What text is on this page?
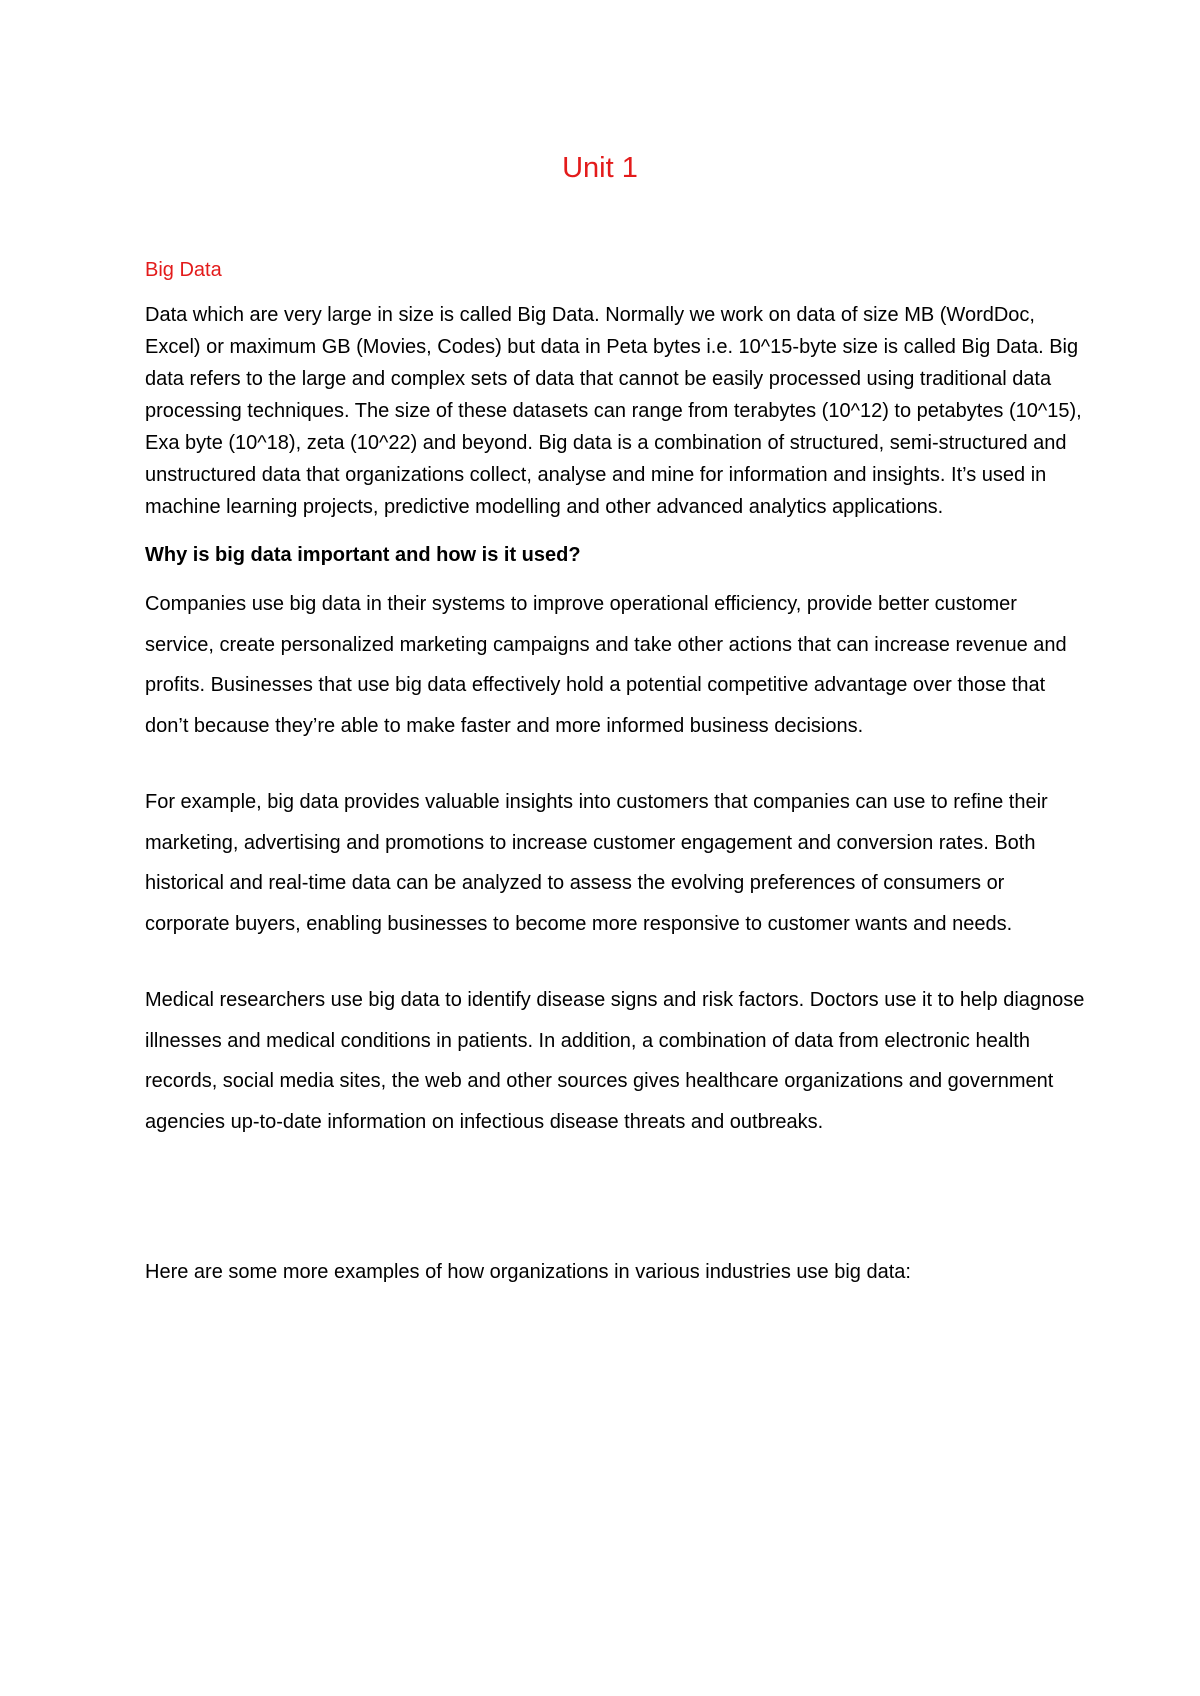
Unit 1
Big Data

Data which are very large in size is called Big Data. Normally we work on data of size MB (WordDoc, Excel) or maximum GB (Movies, Codes) but data in Peta bytes i.e. 10^15-byte size is called Big Data. Big data refers to the large and complex sets of data that cannot be easily processed using traditional data processing techniques. The size of these datasets can range from terabytes (10^12) to petabytes (10^15), Exa byte (10^18), zeta (10^22) and beyond. Big data is a combination of structured, semi-structured and unstructured data that organizations collect, analyse and mine for information and insights. It’s used in machine learning projects, predictive modelling and other advanced analytics applications.

Why is big data important and how is it used?

Companies use big data in their systems to improve operational efficiency, provide better customer service, create personalized marketing campaigns and take other actions that can increase revenue and profits. Businesses that use big data effectively hold a potential competitive advantage over those that don’t because they’re able to make faster and more informed business decisions.

For example, big data provides valuable insights into customers that companies can use to refine their marketing, advertising and promotions to increase customer engagement and conversion rates. Both historical and real-time data can be analyzed to assess the evolving preferences of consumers or corporate buyers, enabling businesses to become more responsive to customer wants and needs.

Medical researchers use big data to identify disease signs and risk factors. Doctors use it to help diagnose illnesses and medical conditions in patients. In addition, a combination of data from electronic health records, social media sites, the web and other sources gives healthcare organizations and government agencies up-to-date information on infectious disease threats and outbreaks.

Here are some more examples of how organizations in various industries use big data:
